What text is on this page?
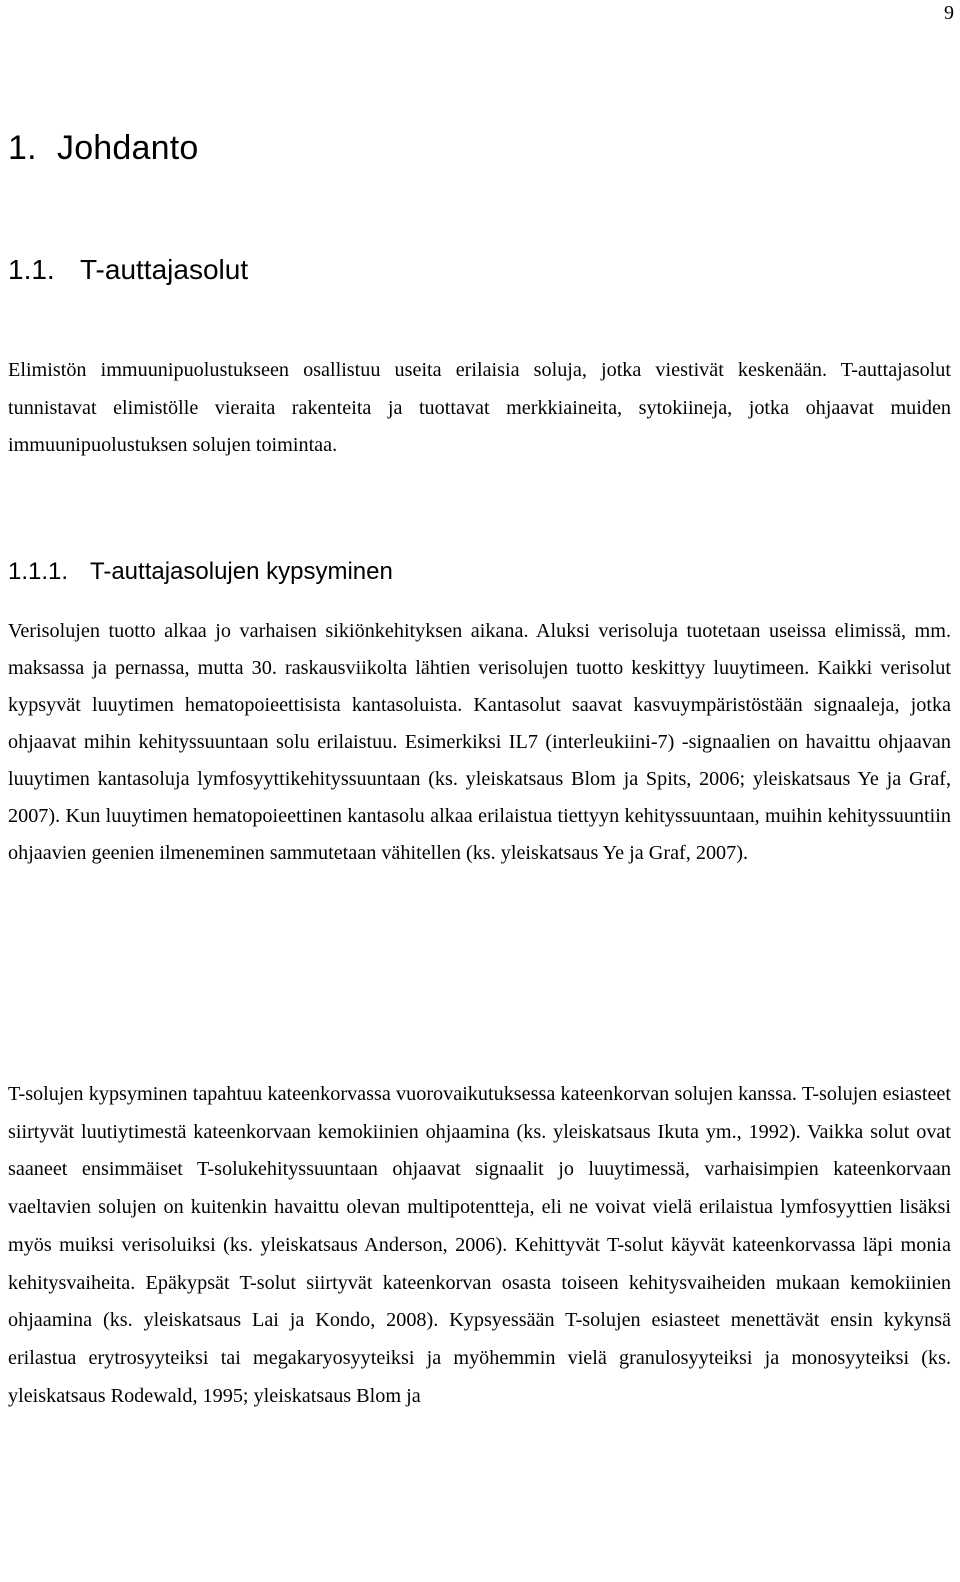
9
1. Johdanto
1.1. T-auttajasolut

Elimistön immuunipuolustukseen osallistuu useita erilaisia soluja, jotka viestivät keskenään. T-auttajasolut tunnistavat elimistölle vieraita rakenteita ja tuottavat merkkiaineita, sytokiineja, jotka ohjaavat muiden immuunipuolustuksen solujen toimintaa.

1.1.1. T-auttajasolujen kypsyminen

Verisolujen tuotto alkaa jo varhaisen sikiönkehityksen aikana. Aluksi verisoluja tuotetaan useissa elimissä, mm. maksassa ja pernassa, mutta 30. raskausviikolta lähtien verisolujen tuotto keskittyy luuytimeen. Kaikki verisolut kypsyvät luuytimen hematopoieettisista kantasoluista. Kantasolut saavat kasvuympäristöstään signaaleja, jotka ohjaavat mihin kehityssuuntaan solu erilaistuu. Esimerkiksi IL7 (interleukiini-7) -signaalien on havaittu ohjaavan luuytimen kantasoluja lymfosyyttikehityssuuntaan (ks. yleiskatsaus Blom ja Spits, 2006; yleiskatsaus Ye ja Graf, 2007). Kun luuytimen hematopoieettinen kantasolu alkaa erilaistua tiettyyn kehityssuuntaan, muihin kehityssuuntiin ohjaavien geenien ilmeneminen sammutetaan vähitellen (ks. yleiskatsaus Ye ja Graf, 2007).

T-solujen kypsyminen tapahtuu kateenkorvassa vuorovaikutuksessa kateenkorvan solujen kanssa. T-solujen esiasteet siirtyvät luutiytimestä kateenkorvaan kemokiinien ohjaamina (ks. yleiskatsaus Ikuta ym., 1992). Vaikka solut ovat saaneet ensimmäiset T-solukehityssuuntaan ohjaavat signaalit jo luuytimessä, varhaisimpien kateenkorvaan vaeltavien solujen on kuitenkin havaittu olevan multipotentteja, eli ne voivat vielä erilaistua lymfosyyttien lisäksi myös muiksi verisoluiksi (ks. yleiskatsaus Anderson, 2006). Kehittyvät T-solut käyvät kateenkorvassa läpi monia kehitysvaiheita. Epäkypsät T-solut siirtyvät kateenkorvan osasta toiseen kehitysvaiheiden mukaan kemokiinien ohjaamina (ks. yleiskatsaus Lai ja Kondo, 2008). Kypsyessään T-solujen esiasteet menettävät ensin kykynsä erilastua erytrosyyteiksi tai megakaryosyyteiksi ja myöhemmin vielä granulosyyteiksi ja monosyyteiksi (ks. yleiskatsaus Rodewald, 1995; yleiskatsaus Blom ja
